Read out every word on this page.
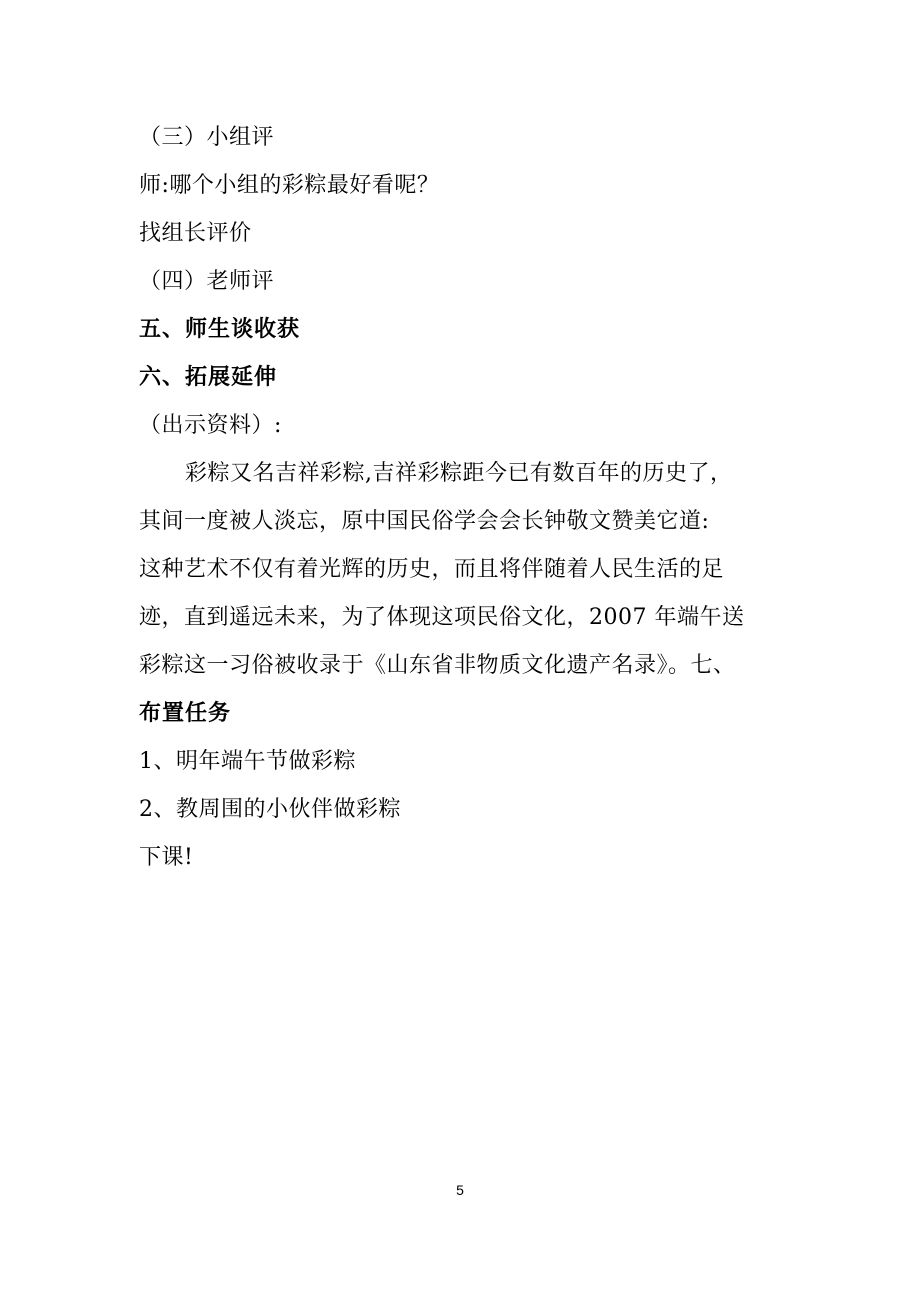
（三）小组评
师:哪个小组的彩粽最好看呢？
找组长评价
（四）老师评
五、师生谈收获
六、拓展延伸
（出示资料）:
彩粽又名吉祥彩粽,吉祥彩粽距今已有数百年的历史了，
其间一度被人淡忘，原中国民俗学会会长钟敬文赞美它道:
这种艺术不仅有着光辉的历史，而且将伴随着人民生活的足
迹，直到遥远未来，为了体现这项民俗文化，2007 年端午送
彩粽这一习俗被收录于《山东省非物质文化遗产名录》。七、
布置任务
1、明年端午节做彩粽
2、教周围的小伙伴做彩粽
下课!
5
